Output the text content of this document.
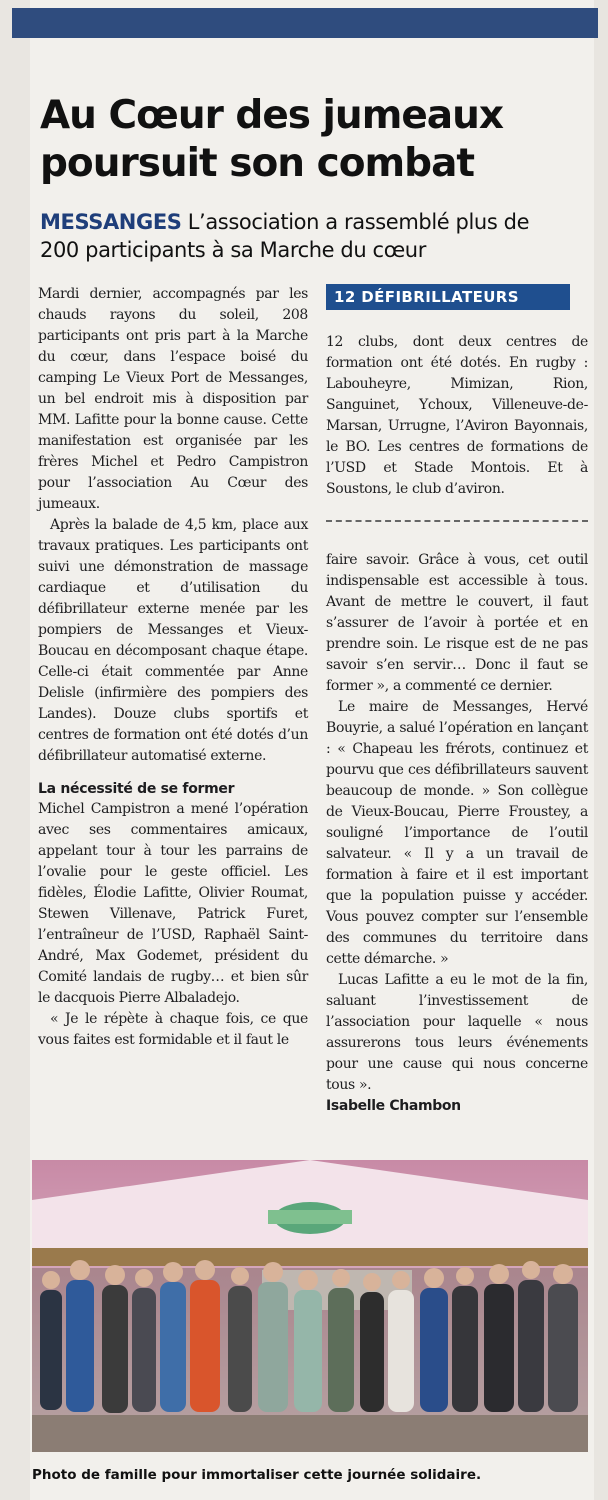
Au Cœur des jumeaux poursuit son combat
MESSANGES L’association a rassemblé plus de 200 participants à sa Marche du cœur

Mardi dernier, accompagnés par les chauds rayons du soleil, 208 participants ont pris part à la Marche du cœur, dans l’espace boisé du camping Le Vieux Port de Messanges, un bel endroit mis à disposition par MM. Lafitte pour la bonne cause. Cette manifestation est organisée par les frères Michel et Pedro Campistron pour l’association Au Cœur des jumeaux.

Après la balade de 4,5 km, place aux travaux pratiques. Les participants ont suivi une démonstration de massage cardiaque et d’utilisation du défibrillateur externe menée par les pompiers de Messanges et Vieux-Boucau en décomposant chaque étape. Celle-ci était commentée par Anne Delisle (infirmière des pompiers des Landes). Douze clubs sportifs et centres de formation ont été dotés d’un défibrillateur automatisé externe.

La nécessité de se former

Michel Campistron a mené l’opération avec ses commentaires amicaux, appelant tour à tour les parrains de l’ovalie pour le geste officiel. Les fidèles, Élodie Lafitte, Olivier Roumat, Stewen Villenave, Patrick Furet, l’entraîneur de l’USD, Raphaël Saint-André, Max Godemet, président du Comité landais de rugby… et bien sûr le dacquois Pierre Albaladejo.

« Je le répète à chaque fois, ce que vous faites est formidable et il faut le

12 DÉFIBRILLATEURS

12 clubs, dont deux centres de formation ont été dotés. En rugby : Labouheyre, Mimizan, Rion, Sanguinet, Ychoux, Villeneuve-de-Marsan, Urrugne, l’Aviron Bayonnais, le BO. Les centres de formations de l’USD et Stade Montois. Et à Soustons, le club d’aviron.

faire savoir. Grâce à vous, cet outil indispensable est accessible à tous. Avant de mettre le couvert, il faut s’assurer de l’avoir à portée et en prendre soin. Le risque est de ne pas savoir s’en servir… Donc il faut se former », a commenté ce dernier.

Le maire de Messanges, Hervé Bouyrie, a salué l’opération en lançant : « Chapeau les frérots, continuez et pourvu que ces défibrillateurs sauvent beaucoup de monde. » Son collègue de Vieux-Boucau, Pierre Froustey, a souligné l’importance de l’outil salvateur. « Il y a un travail de formation à faire et il est important que la population puisse y accéder. Vous pouvez compter sur l’ensemble des communes du territoire dans cette démarche. »

Lucas Lafitte a eu le mot de la fin, saluant l’investissement de l’association pour laquelle « nous assurerons tous leurs événements pour une cause qui nous concerne tous ».

Isabelle Chambon
Photo de famille pour immortaliser cette journée solidaire.
